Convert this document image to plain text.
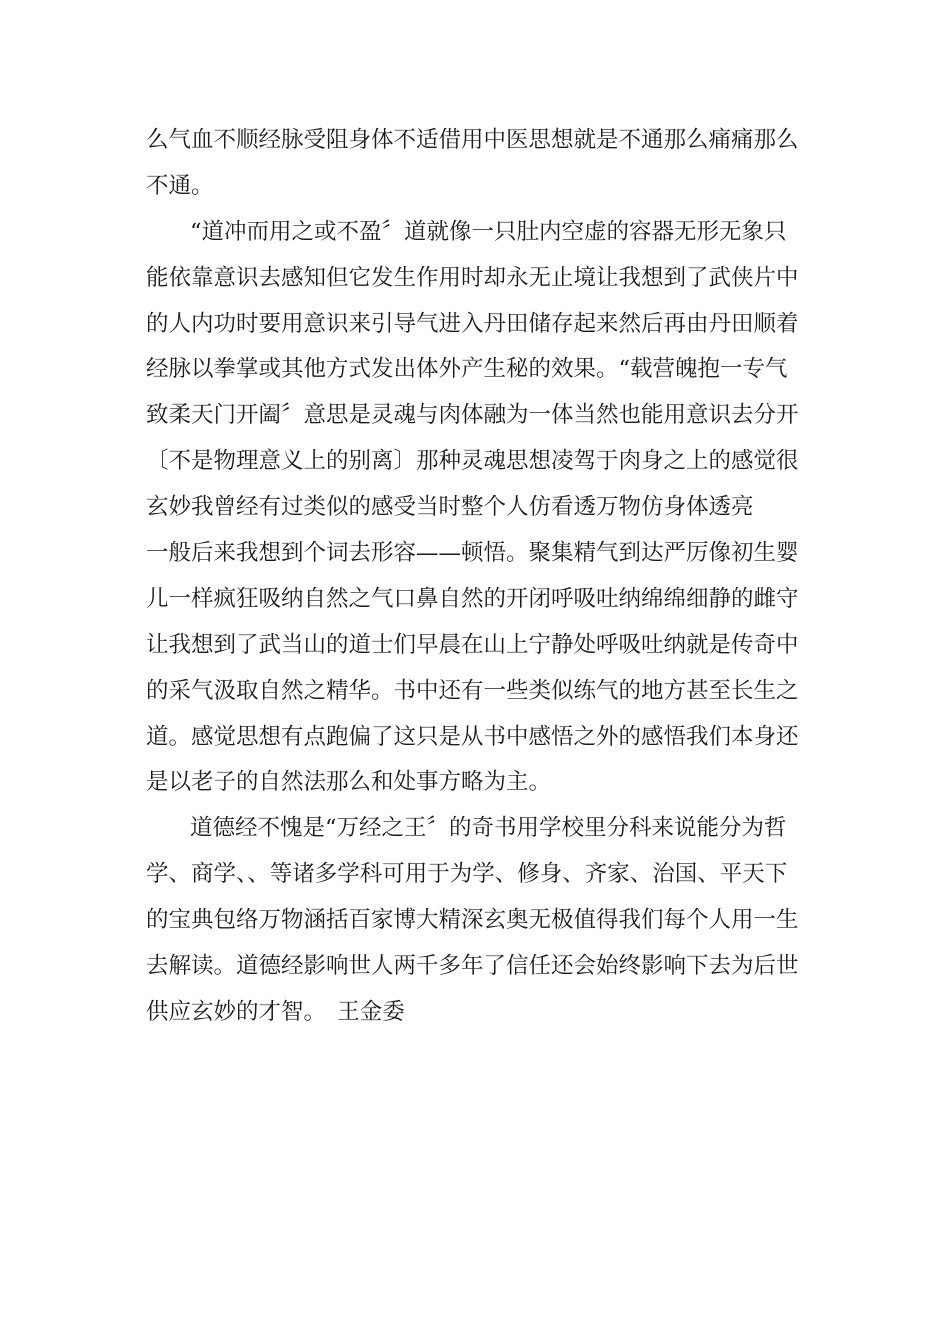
么气血不顺经脉受阻身体不适借用中医思想就是不通那么痛痛那么
不通。
“道冲而用之或不盈〞道就像一只肚内空虚的容器无形无象只
能依靠意识去感知但它发生作用时却永无止境让我想到了武侠片中
的人内功时要用意识来引导气进入丹田储存起来然后再由丹田顺着
经脉以拳掌或其他方式发出体外产生秘的效果。“载营魄抱一专气
致柔天门开阖〞意思是灵魂与肉体融为一体当然也能用意识去分开
〔不是物理意义上的别离〕那种灵魂思想凌驾于肉身之上的感觉很
玄妙我曾经有过类似的感受当时整个人仿看透万物仿身体透亮
一般后来我想到个词去形容——顿悟。聚集精气到达严厉像初生婴
儿一样疯狂吸纳自然之气口鼻自然的开闭呼吸吐纳绵绵细静的雌守
让我想到了武当山的道士们早晨在山上宁静处呼吸吐纳就是传奇中
的采气汲取自然之精华。书中还有一些类似练气的地方甚至长生之
道。感觉思想有点跑偏了这只是从书中感悟之外的感悟我们本身还
是以老子的自然法那么和处事方略为主。
道德经不愧是“万经之王〞的奇书用学校里分科来说能分为哲
学、商学、、等诸多学科可用于为学、修身、齐家、治国、平天下
的宝典包络万物涵括百家博大精深玄奥无极值得我们每个人用一生
去解读。道德经影响世人两千多年了信任还会始终影响下去为后世
供应玄妙的才智。　王金委
